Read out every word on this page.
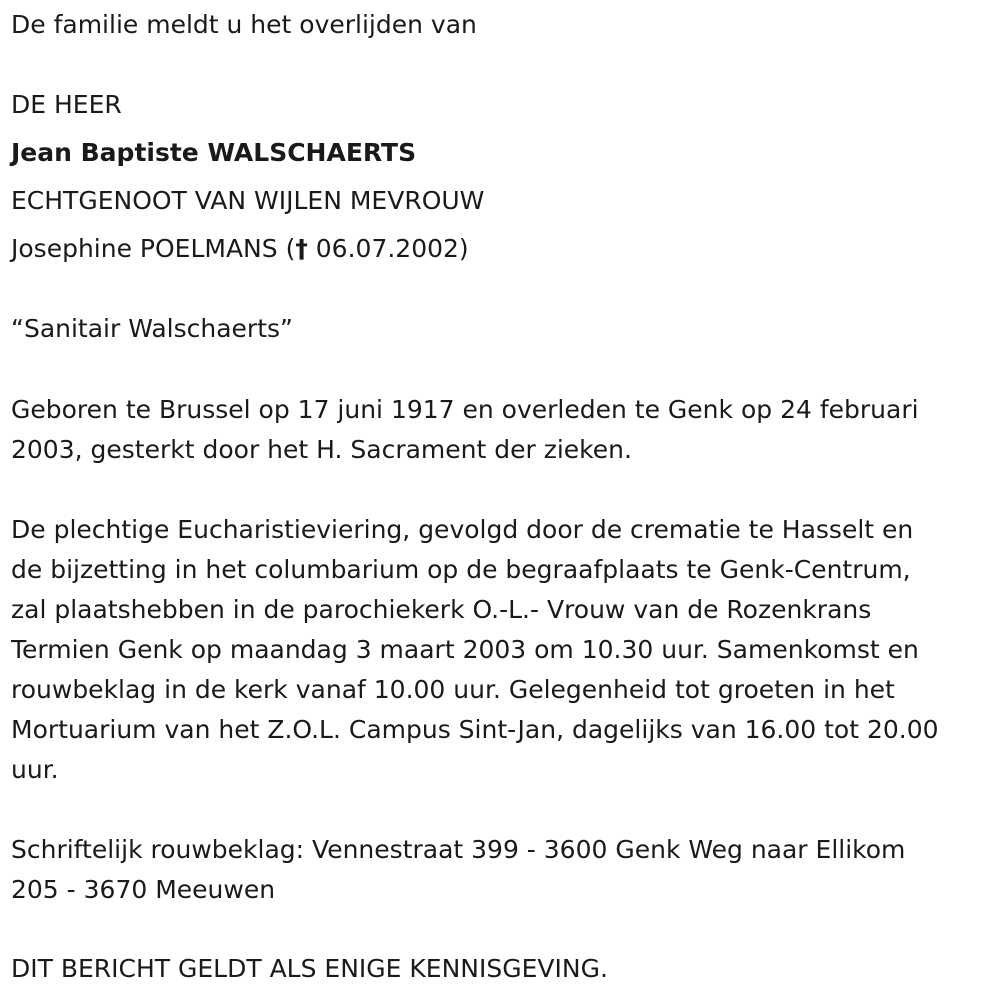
De familie meldt u het overlijden van
DE HEER
Jean Baptiste WALSCHAERTS
ECHTGENOOT VAN WIJLEN MEVROUW
Josephine POELMANS († 06.07.2002)
“Sanitair Walschaerts”
Geboren te Brussel op 17 juni 1917 en overleden te Genk op 24 februari
2003, gesterkt door het H. Sacrament der zieken.
De plechtige Eucharistieviering, gevolgd door de crematie te Hasselt en
de bijzetting in het columbarium op de begraafplaats te Genk-Centrum,
zal plaatshebben in de parochiekerk O.-L.- Vrouw van de Rozenkrans
Termien Genk op maandag 3 maart 2003 om 10.30 uur. Samenkomst en
rouwbeklag in de kerk vanaf 10.00 uur. Gelegenheid tot groeten in het
Mortuarium van het Z.O.L. Campus Sint-Jan, dagelijks van 16.00 tot 20.00
uur.
Schriftelijk rouwbeklag: Vennestraat 399 - 3600 Genk Weg naar Ellikom
205 - 3670 Meeuwen
DIT BERICHT GELDT ALS ENIGE KENNISGEVING.
